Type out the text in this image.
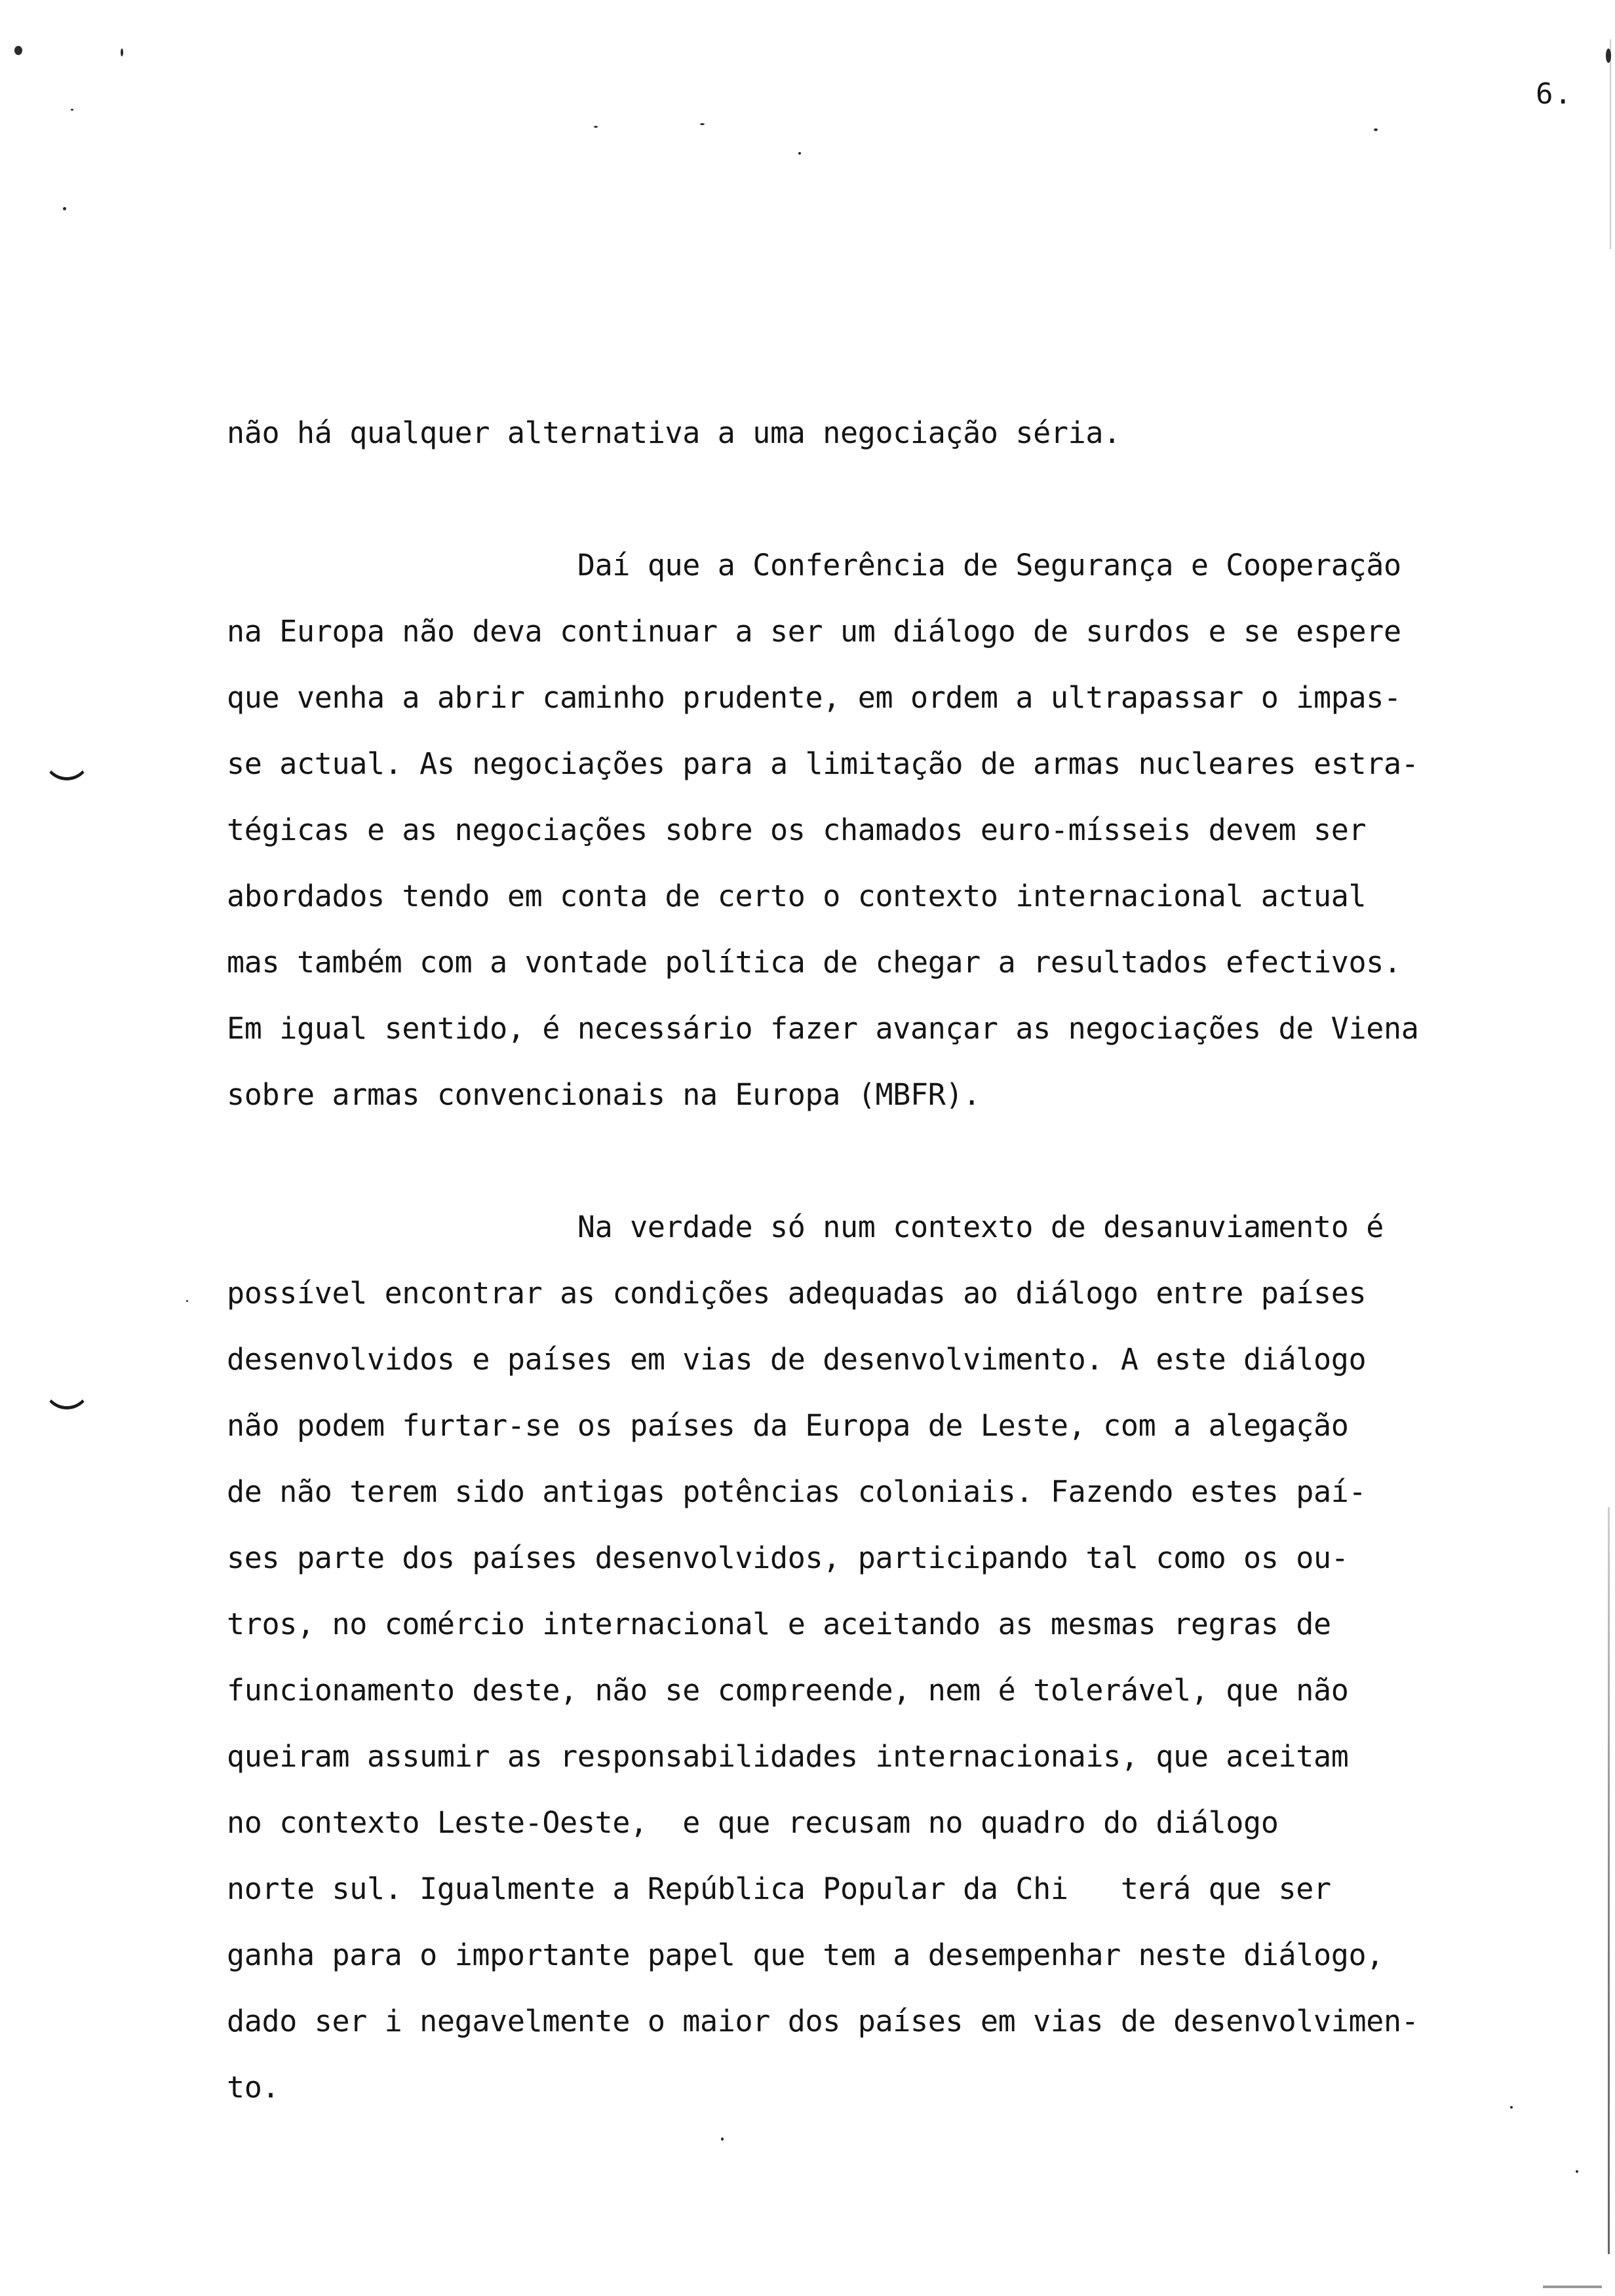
6.
não há qualquer alternativa a uma negociação séria.
Daí que a Conferência de Segurança e Cooperação
na Europa não deva continuar a ser um diálogo de surdos e se espere
que venha a abrir caminho prudente, em ordem a ultrapassar o impas-
se actual. As negociações para a limitação de armas nucleares estra-
tégicas e as negociações sobre os chamados euro-mísseis devem ser
abordados tendo em conta de certo o contexto internacional actual
mas também com a vontade política de chegar a resultados efectivos.
Em igual sentido, é necessário fazer avançar as negociações de Viena
sobre armas convencionais na Europa (MBFR).
Na verdade só num contexto de desanuviamento é
possível encontrar as condições adequadas ao diálogo entre países
desenvolvidos e países em vias de desenvolvimento. A este diálogo
não podem furtar-se os países da Europa de Leste, com a alegação
de não terem sido antigas potências coloniais. Fazendo estes paí-
ses parte dos países desenvolvidos, participando tal como os ou-
tros, no comércio internacional e aceitando as mesmas regras de
funcionamento deste, não se compreende, nem é tolerável, que não
queiram assumir as responsabilidades internacionais, que aceitam
no contexto Leste-Oeste,  e que recusam no quadro do diálogo
norte sul. Igualmente a República Popular da Chi   terá que ser
ganha para o importante papel que tem a desempenhar neste diálogo,
dado ser i negavelmente o maior dos países em vias de desenvolvimen-
to.
